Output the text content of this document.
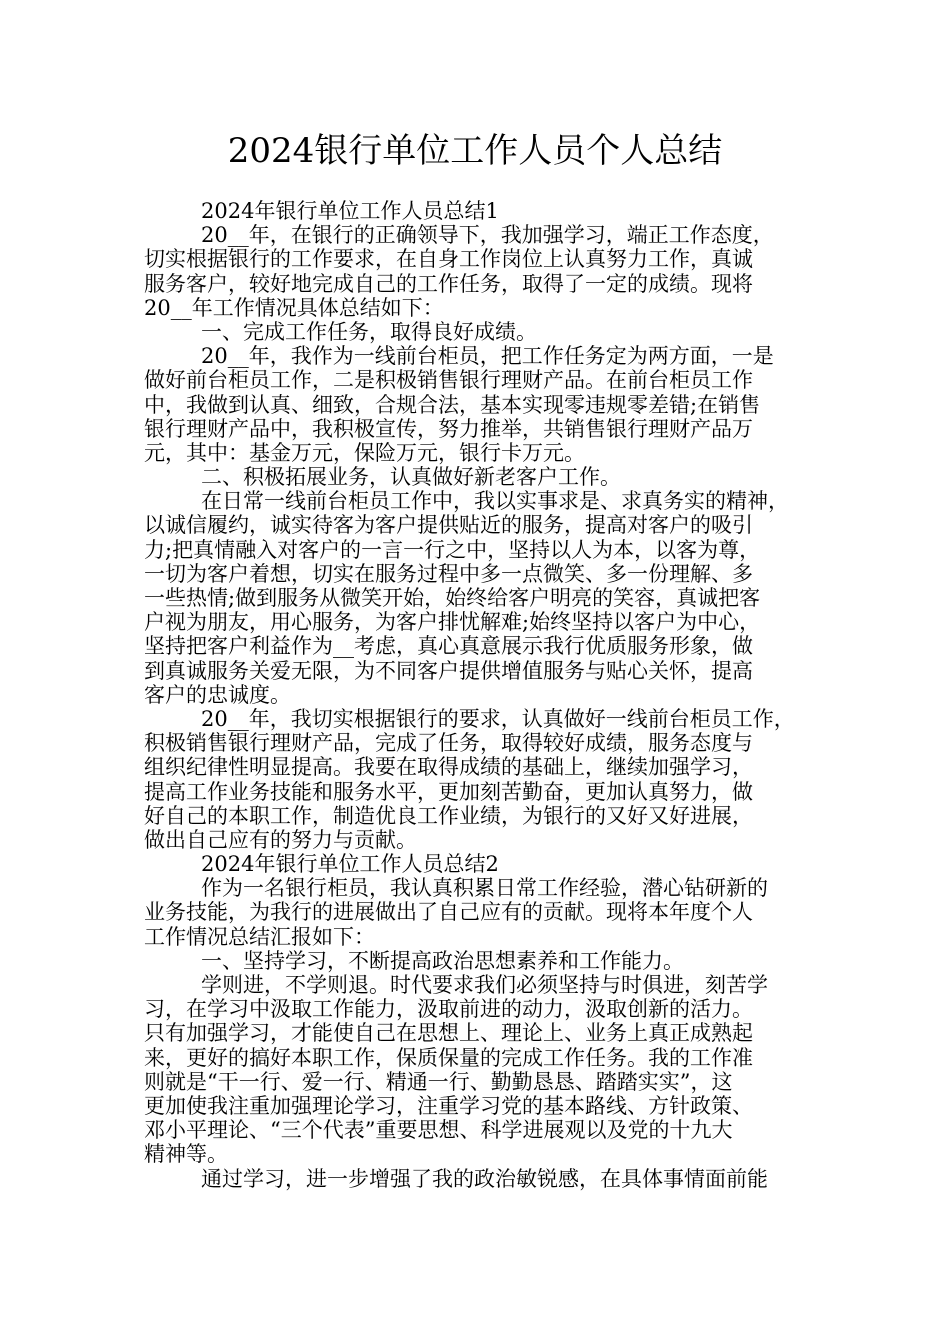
2024银行单位工作人员个人总结
2024年银行单位工作人员总结1
20__年，在银行的正确领导下，我加强学习，端正工作态度，
切实根据银行的工作要求，在自身工作岗位上认真努力工作，真诚
服务客户，较好地完成自己的工作任务，取得了一定的成绩。现将
20__年工作情况具体总结如下：
一、完成工作任务，取得良好成绩。
20__年，我作为一线前台柜员，把工作任务定为两方面，一是
做好前台柜员工作，二是积极销售银行理财产品。在前台柜员工作
中，我做到认真、细致，合规合法，基本实现零违规零差错;在销售
银行理财产品中，我积极宣传，努力推举，共销售银行理财产品万
元，其中：基金万元，保险万元，银行卡万元。
二、积极拓展业务，认真做好新老客户工作。
在日常一线前台柜员工作中，我以实事求是、求真务实的精神，
以诚信履约，诚实待客为客户提供贴近的服务，提高对客户的吸引
力;把真情融入对客户的一言一行之中，坚持以人为本，以客为尊，
一切为客户着想，切实在服务过程中多一点微笑、多一份理解、多
一些热情;做到服务从微笑开始，始终给客户明亮的笑容，真诚把客
户视为朋友，用心服务，为客户排忧解难;始终坚持以客户为中心，
坚持把客户利益作为__考虑，真心真意展示我行优质服务形象，做
到真诚服务关爱无限，为不同客户提供增值服务与贴心关怀，提高
客户的忠诚度。
20__年，我切实根据银行的要求，认真做好一线前台柜员工作，
积极销售银行理财产品，完成了任务，取得较好成绩，服务态度与
组织纪律性明显提高。我要在取得成绩的基础上，继续加强学习，
提高工作业务技能和服务水平，更加刻苦勤奋，更加认真努力，做
好自己的本职工作，制造优良工作业绩，为银行的又好又好进展，
做出自己应有的努力与贡献。
2024年银行单位工作人员总结2
作为一名银行柜员，我认真积累日常工作经验，潜心钻研新的
业务技能，为我行的进展做出了自己应有的贡献。现将本年度个人
工作情况总结汇报如下：
一、坚持学习，不断提高政治思想素养和工作能力。
学则进，不学则退。时代要求我们必须坚持与时俱进，刻苦学
习，在学习中汲取工作能力，汲取前进的动力，汲取创新的活力。
只有加强学习，才能使自己在思想上、理论上、业务上真正成熟起
来，更好的搞好本职工作，保质保量的完成工作任务。我的工作准
则就是“干一行、爱一行、精通一行、勤勤恳恳、踏踏实实”，这
更加使我注重加强理论学习，注重学习党的基本路线、方针政策、
邓小平理论、“三个代表”重要思想、科学进展观以及党的十九大
精神等。
通过学习，进一步增强了我的政治敏锐感，在具体事情面前能
